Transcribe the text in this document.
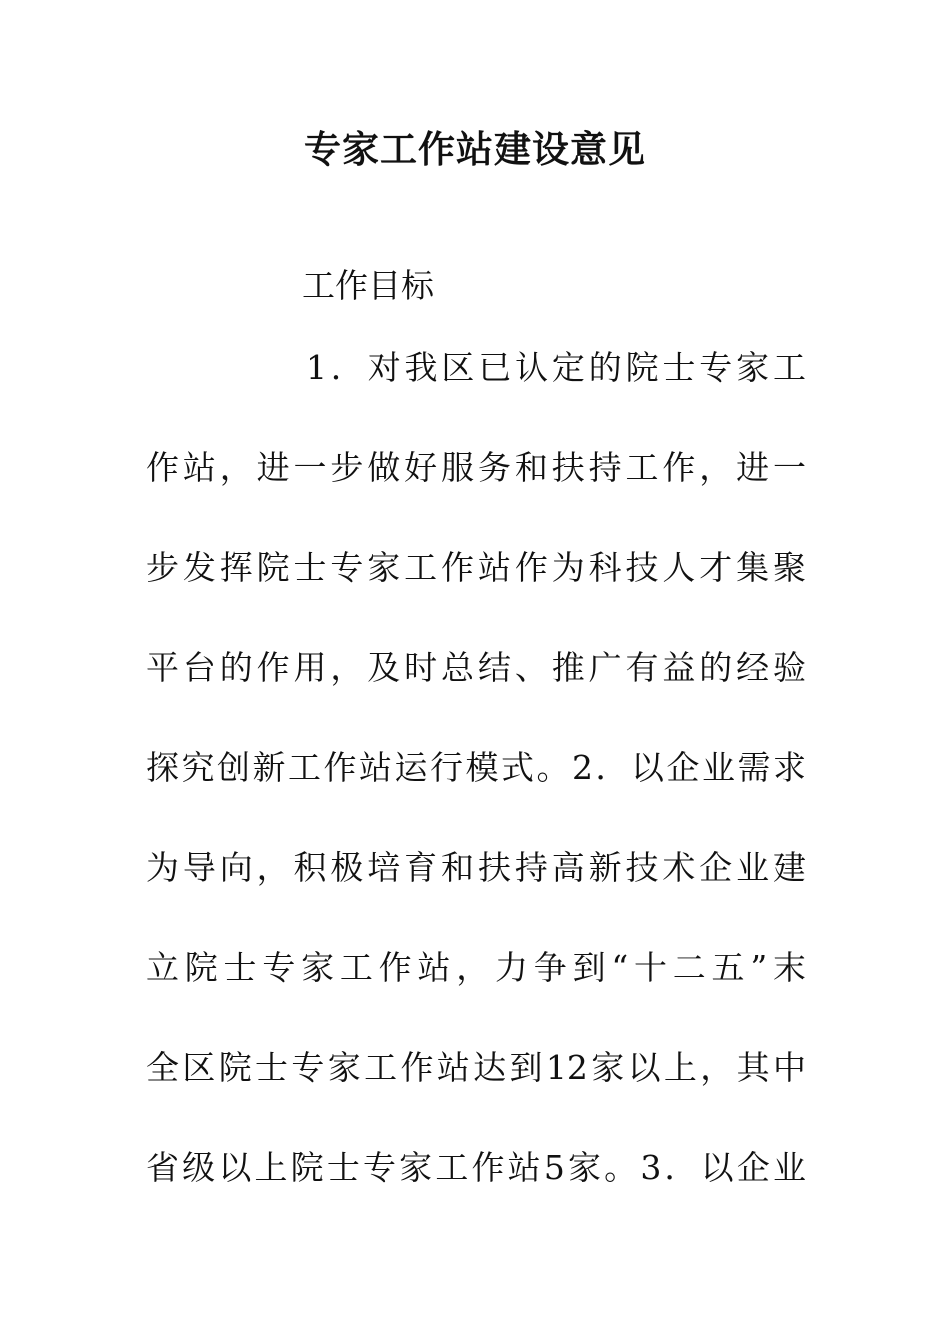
专家工作站建设意见

工作目标

1．对我区已认定的院士专家工

作站，进一步做好服务和扶持工作，进一

步发挥院士专家工作站作为科技人才集聚

平台的作用，及时总结、推广有益的经验

探究创新工作站运行模式。2．以企业需求

为导向，积极培育和扶持高新技术企业建

立院士专家工作站，力争到“十二五”末

全区院士专家工作站达到12家以上，其中

省级以上院士专家工作站5家。3．以企业
